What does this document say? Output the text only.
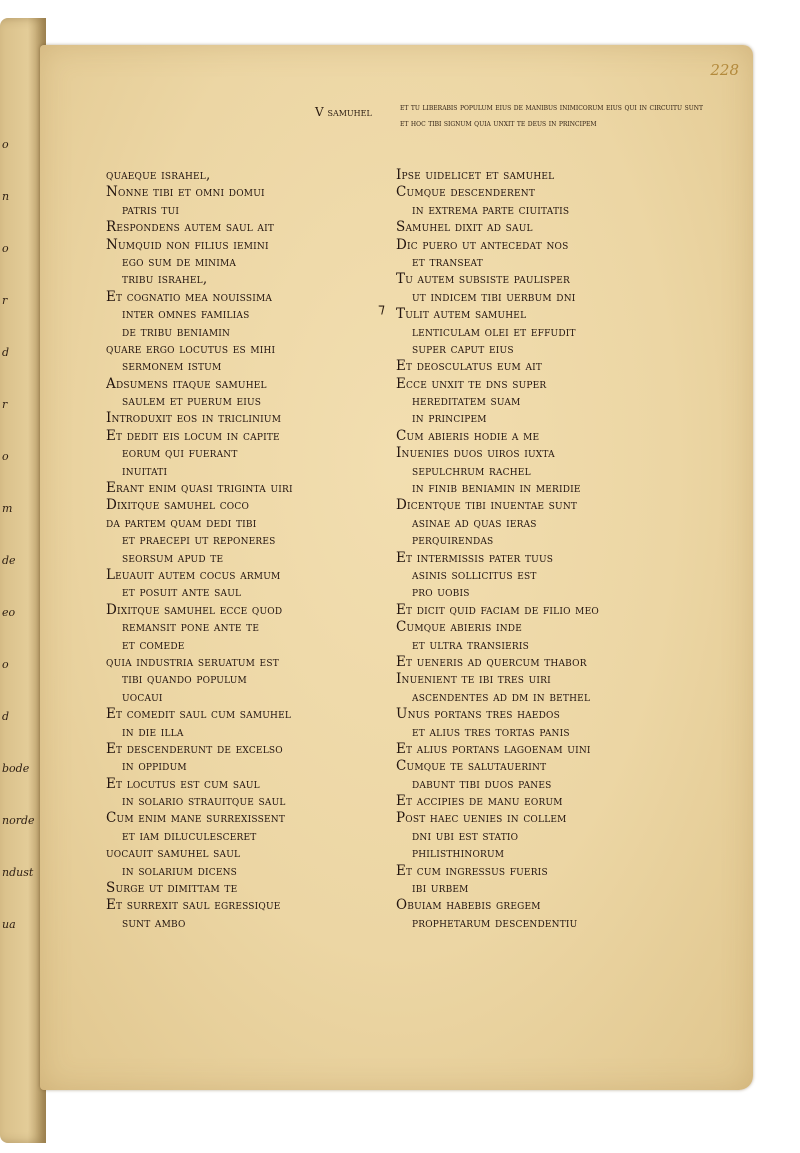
o
n
o
r
d
r
o
m
de
eo
o
d
bode
norde
ndust
ua
228
V samuhel	et tu liberabis populum eius de manibus inimicorum eius qui in circuitu sunt
et hoc tibi signum quia unxit te deus in principem
quaeque israhel,
Nonne tibi et omni domui
patris tui
Respondens autem saul ait
Numquid non filius iemini
ego sum de minima
tribu israhel,
Et cognatio mea nouissima
inter omnes familias
de tribu beniamin
quare ergo locutus es mihi
sermonem istum
Adsumens itaque samuhel
saulem et puerum eius
Introduxit eos in triclinium
Et dedit eis locum in capite
eorum qui fuerant
inuitati
Erant enim quasi triginta uiri
Dixitque samuhel coco
da partem quam dedi tibi
et praecepi ut reponeres
seorsum apud te
Leuauit autem cocus armum
et posuit ante saul
Dixitque samuhel ecce quod
remansit pone ante te
et comede
quia industria seruatum est
tibi quando populum
uocaui
Et comedit saul cum samuhel
in die illa
Et descenderunt de excelso
in oppidum
Et locutus est cum saul
in solario strauitque saul
Cum enim mane surrexissent
et iam diluculesceret
uocauit samuhel saul
in solarium dicens
Surge ut dimittam te
Et surrexit saul egressique
sunt ambo
⁊
Ipse uidelicet et samuhel
Cumque descenderent
in extrema parte ciuitatis
Samuhel dixit ad saul
Dic puero ut antecedat nos
et transeat
Tu autem subsiste paulisper
ut indicem tibi uerbum dni
Tulit autem samuhel
lenticulam olei et effudit
super caput eius
Et deosculatus eum ait
Ecce unxit te dns super
hereditatem suam
in principem
Cum abieris hodie a me
Inuenies duos uiros iuxta
sepulchrum rachel
in finib beniamin in meridie
Dicentque tibi inuentae sunt
asinae ad quas ieras
perquirendas
Et intermissis pater tuus
asinis sollicitus est
pro uobis
Et dicit quid faciam de filio meo
Cumque abieris inde
et ultra transieris
Et ueneris ad quercum thabor
Inuenient te ibi tres uiri
ascendentes ad dm in bethel
Unus portans tres haedos
et alius tres tortas panis
Et alius portans lagoenam uini
Cumque te salutauerint
dabunt tibi duos panes
Et accipies de manu eorum
Post haec uenies in collem
dni ubi est statio
philisthinorum
Et cum ingressus fueris
ibi urbem
Obuiam habebis gregem
prophetarum descendentiu
